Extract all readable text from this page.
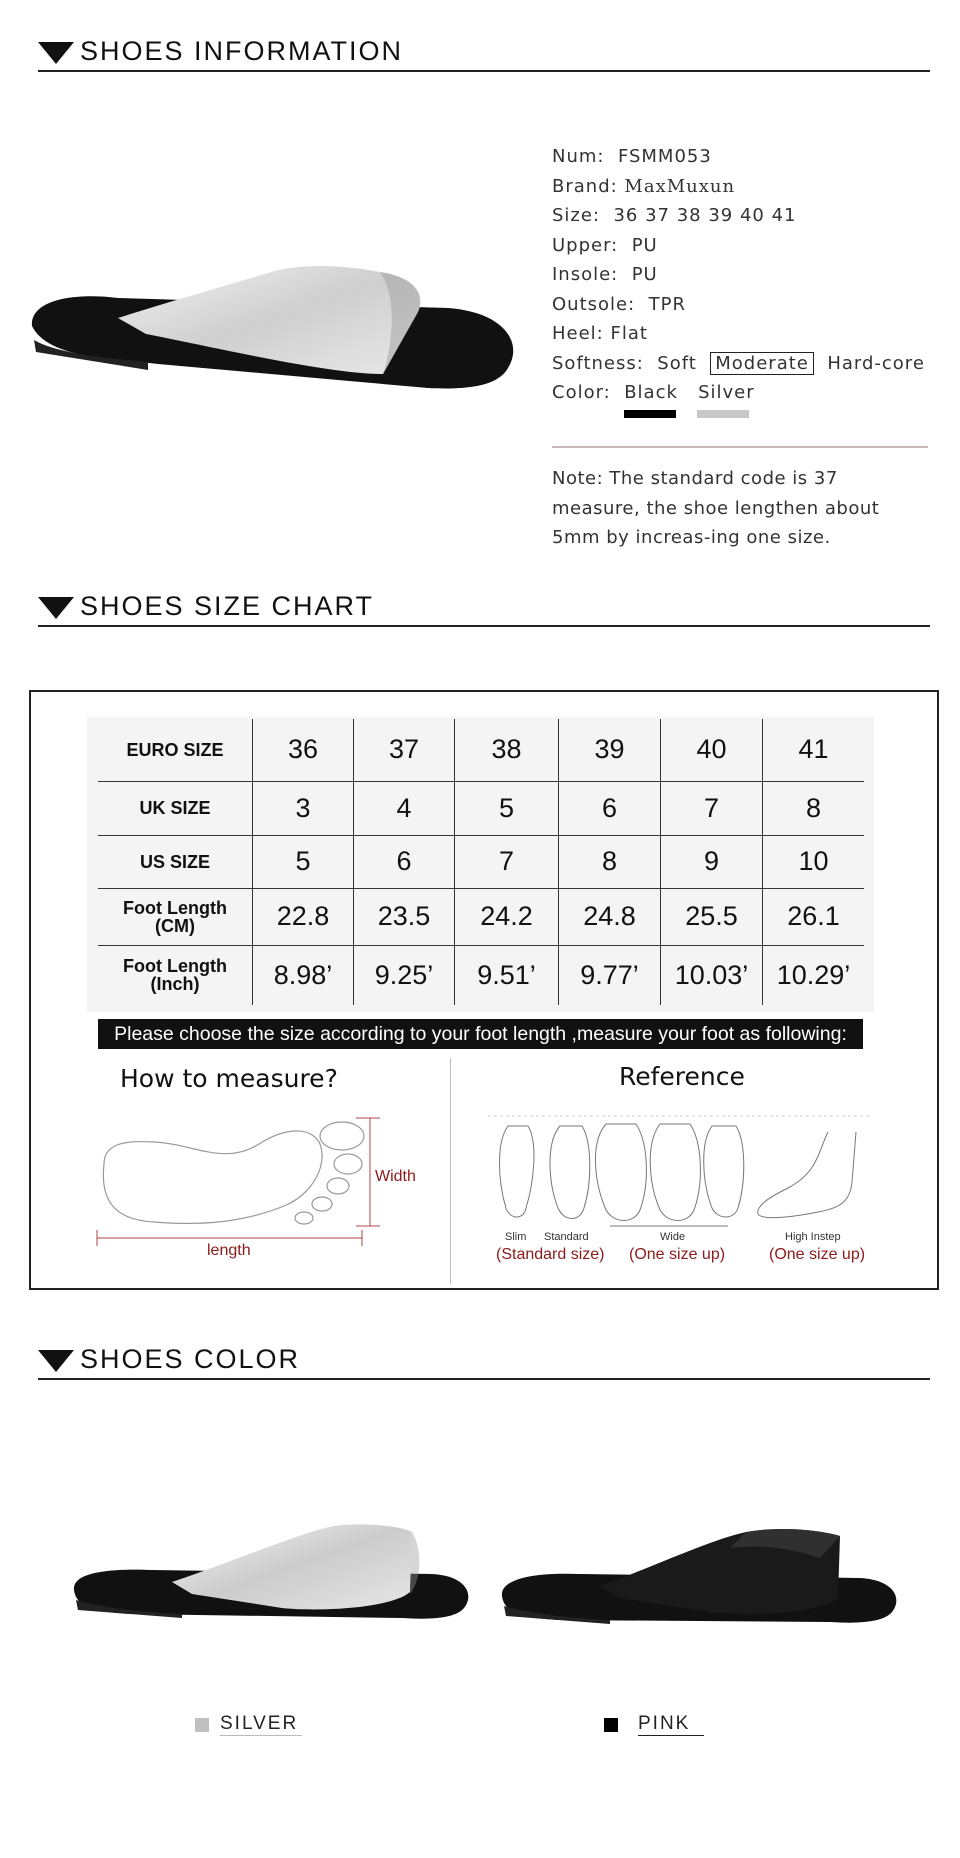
SHOES INFORMATION
Num: FSMM053
Brand: MaxMuxun
Size: 36 37 38 39 40 41
Upper: PU
Insole: PU
Outsole: TPR
Heel: Flat
Softness: Soft Moderate Hard-core
Color: Black Silver
Note: The standard code is 37 measure, the shoe lengthen about 5mm by increas-ing one size.
SHOES SIZE CHART
EURO SIZE	36	37	38	39	40	41
UK SIZE	3	4	5	6	7	8
US SIZE	5	6	7	8	9	10

Foot Length
(CM)	22.8	23.5	24.2	24.8	25.5	26.1

Foot Length
(Inch)	8.98’	9.25’	9.51’	9.77’	10.03’	10.29’
Please choose the size according to your foot length ,measure your foot as following:
How to measure?
Width
length
Reference
Slim Standard	Wide	High Instep
(Standard size) (One size up)	(One size up)
SHOES COLOR
SILVER	PINK
